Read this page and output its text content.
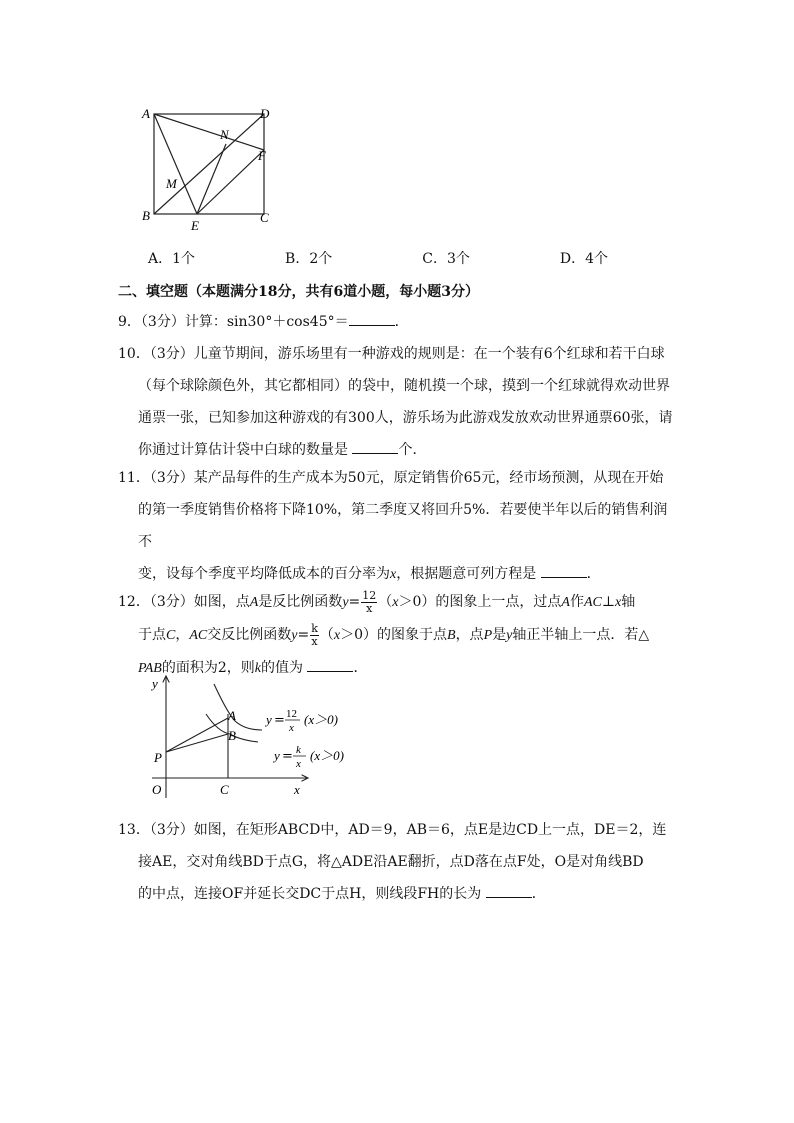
A	D
N
F
M
B
E
C
A．1个	B．2个	C．3个	D．4个
二、填空题（本题满分18分，共有6道小题，每小题3分）
9．（3分）计算：sin30°＋cos45°＝	．
10．（3分）儿童节期间，游乐场里有一种游戏的规则是：在一个装有6个红球和若干白球
（每个球除颜色外，其它都相同）的袋中，随机摸一个球，摸到一个红球就得欢动世界
通票一张，已知参加这种游戏的有300人，游乐场为此游戏发放欢动世界通票60张，请
你通过计算估计袋中白球的数量是	个．
11．（3分）某产品每件的生产成本为50元，原定销售价65元，经市场预测，从现在开始
的第一季度销售价格将下降10%，第二季度又将回升5%．若要使半年以后的销售利润不
变，设每个季度平均降低成本的百分率为x，根据题意可列方程是	．
12．（3分）如图，点A是反比例函数$y= \frac{12}{x} (x>0)$的图象上一点，过点A作AC⊥x轴
于点C，AC交反比例函数$y= \frac{k}{x} (x>0)$的图象于点B，点P是y轴正半轴上一点．若△
PAB的面积为2，则k的值为	．
y
x
O
P
A
B
C
y = 12
x
(x＞0)
y = k
x
(x＞0)
13．（3分）如图，在矩形ABCD中，AD＝9，AB＝6，点E是边CD上一点，DE＝2，连
接AE，交对角线BD于点G，将△ADE沿AE翻折，点D落在点F处，O是对角线BD
的中点，连接OF并延长交DC于点H，则线段FH的长为	．
